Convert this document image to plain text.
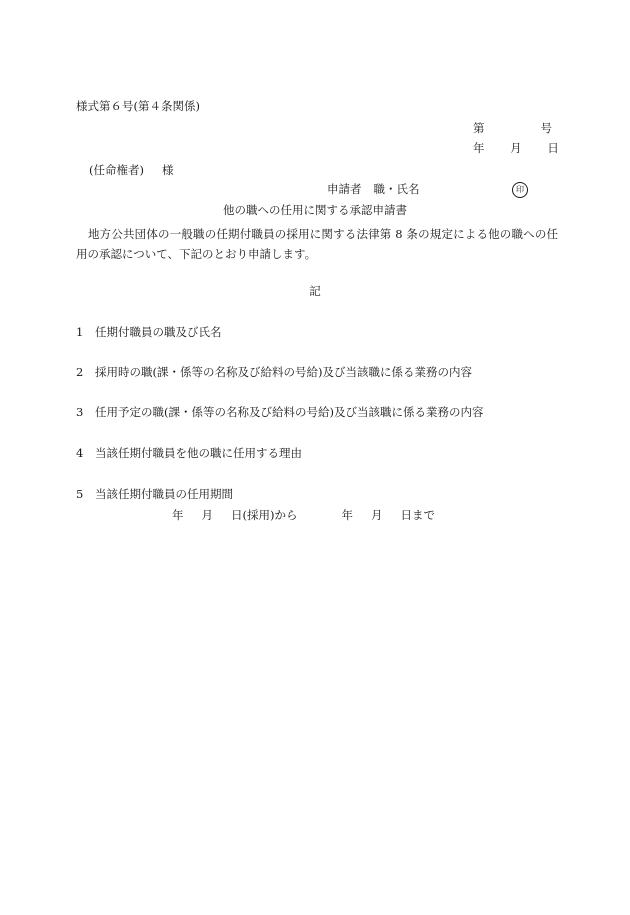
様式第６号(第４条関係)
第	号
年 月 日
(任命権者) 様
申請者 職・氏名	印
他の職への任用に関する承認申請書
地方公共団体の一般職の任期付職員の採用に関する法律第 8 条の規定による他の職への任用の承認について、下記のとおり申請します。
記
1 任期付職員の職及び氏名
2 採用時の職(課・係等の名称及び給料の号給)及び当該職に係る業務の内容
3 任用予定の職(課・係等の名称及び給料の号給)及び当該職に係る業務の内容
4 当該任期付職員を他の職に任用する理由
5 当該任期付職員の任用期間
年 月 日(採用)から	年 月 日まで
